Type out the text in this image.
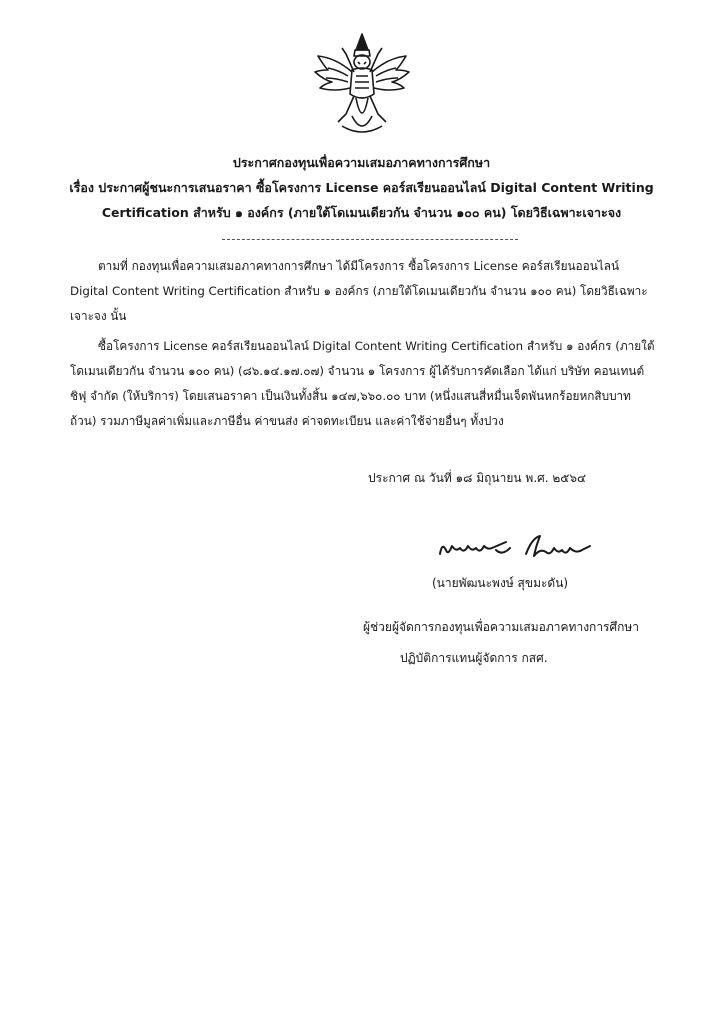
ประกาศกองทุนเพื่อความเสมอภาคทางการศึกษา
เรื่อง ประกาศผู้ชนะการเสนอราคา ซื้อโครงการ License คอร์สเรียนออนไลน์ Digital Content Writing
Certification สำหรับ ๑ องค์กร (ภายใต้โดเมนเดียวกัน จำนวน ๑๐๐ คน) โดยวิธีเฉพาะเจาะจง
ตามที่ กองทุนเพื่อความเสมอภาคทางการศึกษา ได้มีโครงการ ซื้อโครงการ License คอร์สเรียนออนไลน์
Digital Content Writing Certification สำหรับ ๑ องค์กร (ภายใต้โดเมนเดียวกัน จำนวน ๑๐๐ คน) โดยวิธีเฉพาะ
เจาะจง นั้น
ซื้อโครงการ License คอร์สเรียนออนไลน์ Digital Content Writing Certification สำหรับ ๑ องค์กร (ภายใต้
โดเมนเดียวกัน จำนวน ๑๐๐ คน) (๘๖.๑๔.๑๗.๐๗) จำนวน ๑ โครงการ ผู้ได้รับการคัดเลือก ได้แก่ บริษัท คอนเทนต์
ชิฟุ จำกัด (ให้บริการ) โดยเสนอราคา เป็นเงินทั้งสิ้น ๑๔๗,๖๖๐.๐๐ บาท (หนึ่งแสนสี่หมื่นเจ็ดพันหกร้อยหกสิบบาท
ถ้วน) รวมภาษีมูลค่าเพิ่มและภาษีอื่น ค่าขนส่ง ค่าจดทะเบียน และค่าใช้จ่ายอื่นๆ ทั้งปวง
ประกาศ ณ วันที่ ๑๘ มิถุนายน พ.ศ. ๒๕๖๔
(นายพัฒนะพงษ์ สุขมะดัน)
ผู้ช่วยผู้จัดการกองทุนเพื่อความเสมอภาคทางการศึกษา
ปฏิบัติการแทนผู้จัดการ กสศ.
